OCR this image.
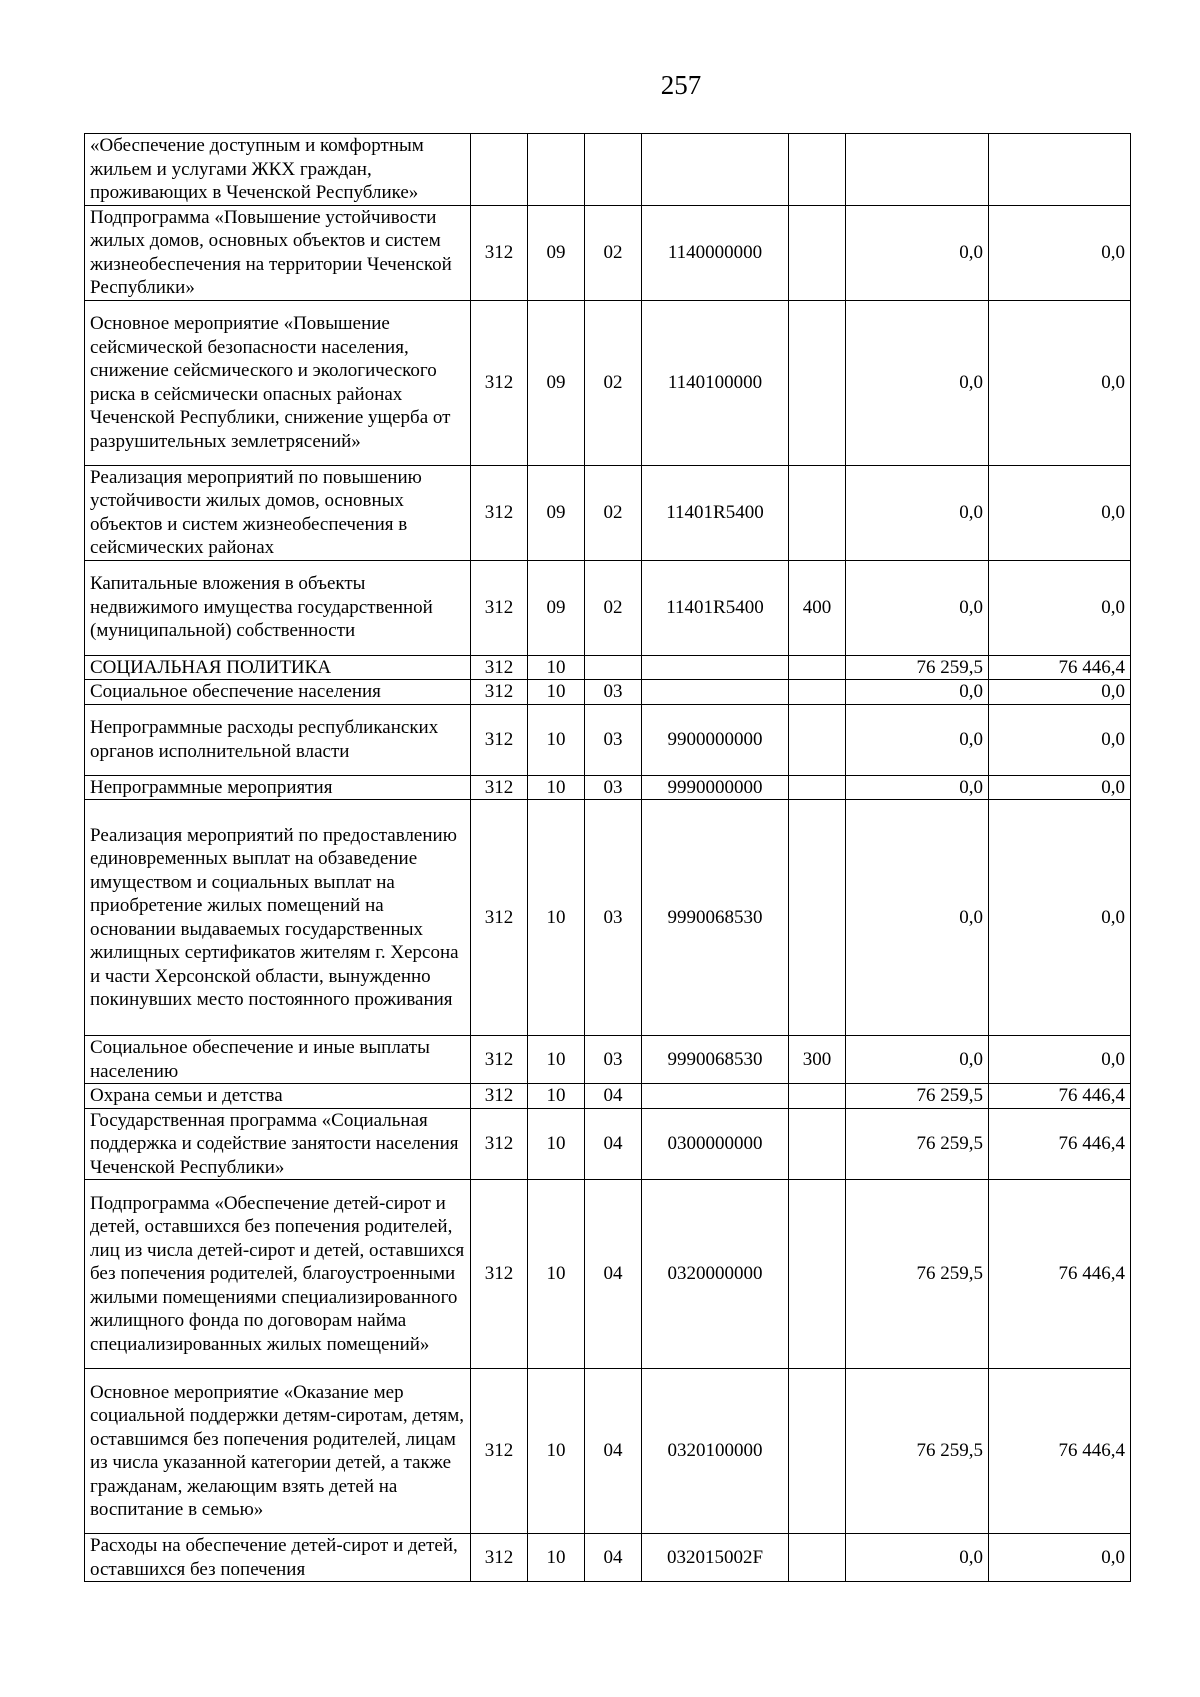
257
«Обеспечение доступным и комфортным жильем и услугами ЖКХ граждан, проживающих в Чеченской Республике»							
Подпрограмма «Повышение устойчивости жилых домов, основных объектов и систем жизнеобеспечения на территории Чеченской Республики»	312	09	02	1140000000		0,0	0,0
Основное мероприятие «Повышение сейсмической безопасности населения, снижение сейсмического и экологического риска в сейсмически опасных районах Чеченской Республики, снижение ущерба от разрушительных землетрясений»	312	09	02	1140100000		0,0	0,0
Реализация мероприятий по повышению устойчивости жилых домов, основных объектов и систем жизнеобеспечения в сейсмических районах	312	09	02	11401R5400		0,0	0,0
Капитальные вложения в объекты недвижимого имущества государственной (муниципальной) собственности	312	09	02	11401R5400	400	0,0	0,0
СОЦИАЛЬНАЯ ПОЛИТИКА	312	10				76 259,5	76 446,4
Социальное обеспечение населения	312	10	03			0,0	0,0
Непрограммные расходы республиканских органов исполнительной власти	312	10	03	9900000000		0,0	0,0
Непрограммные мероприятия	312	10	03	9990000000		0,0	0,0
Реализация мероприятий по предоставлению единовременных выплат на обзаведение имуществом и социальных выплат на приобретение жилых помещений на основании выдаваемых государственных жилищных сертификатов жителям г. Херсона и части Херсонской области, вынужденно покинувших место постоянного проживания	312	10	03	9990068530		0,0	0,0
Социальное обеспечение и иные выплаты населению	312	10	03	9990068530	300	0,0	0,0
Охрана семьи и детства	312	10	04			76 259,5	76 446,4
Государственная программа «Социальная поддержка и содействие занятости населения Чеченской Республики»	312	10	04	0300000000		76 259,5	76 446,4
Подпрограмма «Обеспечение детей-сирот и детей, оставшихся без попечения родителей, лиц из числа детей-сирот и детей, оставшихся без попечения родителей, благоустроенными жилыми помещениями специализированного жилищного фонда по договорам найма специализированных жилых помещений»	312	10	04	0320000000		76 259,5	76 446,4
Основное мероприятие «Оказание мер социальной поддержки детям-сиротам, детям, оставшимся без попечения родителей, лицам из числа указанной категории детей, а также гражданам, желающим взять детей на воспитание в семью»	312	10	04	0320100000		76 259,5	76 446,4
Расходы на обеспечение детей-сирот и детей, оставшихся без попечения	312	10	04	032015002F		0,0	0,0
